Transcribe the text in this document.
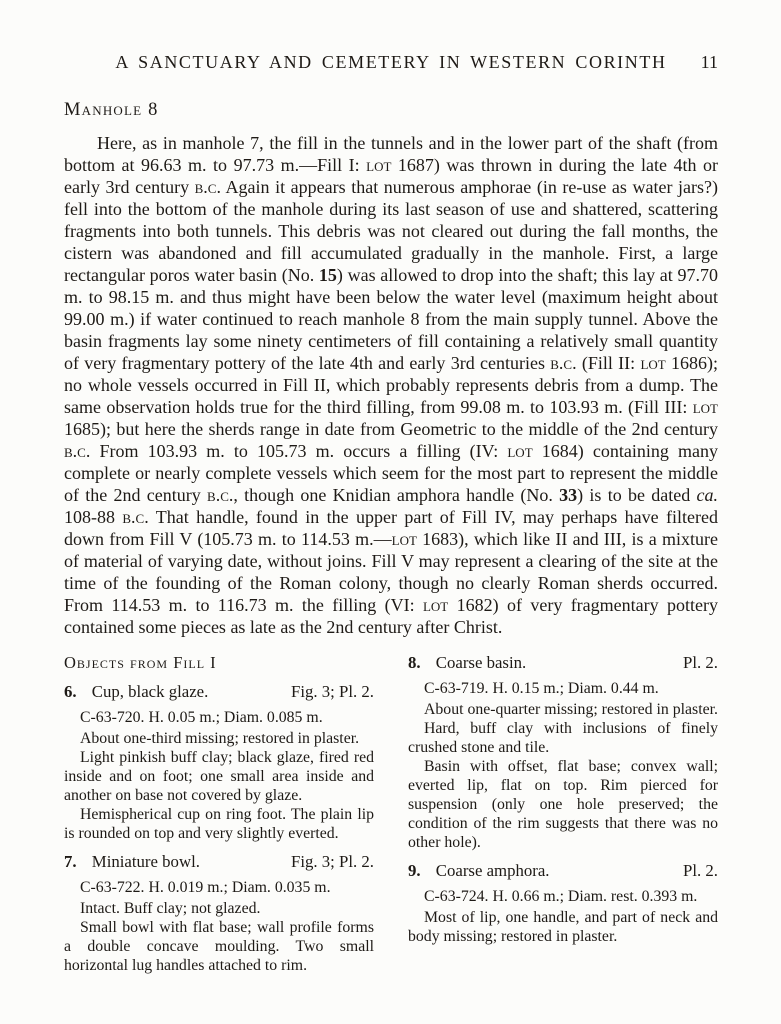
A SANCTUARY AND CEMETERY IN WESTERN CORINTH 11
Manhole 8

Here, as in manhole 7, the fill in the tunnels and in the lower part of the shaft (from bottom at 96.63 m. to 97.73 m.—Fill I: lot 1687) was thrown in during the late 4th or early 3rd century b.c. Again it appears that numerous amphorae (in re-use as water jars?) fell into the bottom of the manhole during its last season of use and shattered, scattering fragments into both tunnels. This debris was not cleared out during the fall months, the cistern was abandoned and fill accumulated gradually in the manhole. First, a large rectangular poros water basin (No. 15) was allowed to drop into the shaft; this lay at 97.70 m. to 98.15 m. and thus might have been below the water level (maximum height about 99.00 m.) if water continued to reach manhole 8 from the main supply tunnel. Above the basin fragments lay some ninety centimeters of fill containing a relatively small quantity of very fragmentary pottery of the late 4th and early 3rd centuries b.c. (Fill II: lot 1686); no whole vessels occurred in Fill II, which probably represents debris from a dump. The same observation holds true for the third filling, from 99.08 m. to 103.93 m. (Fill III: lot 1685); but here the sherds range in date from Geometric to the middle of the 2nd century b.c. From 103.93 m. to 105.73 m. occurs a filling (IV: lot 1684) containing many complete or nearly complete vessels which seem for the most part to represent the middle of the 2nd century b.c., though one Knidian amphora handle (No. 33) is to be dated ca. 108-88 b.c. That handle, found in the upper part of Fill IV, may perhaps have filtered down from Fill V (105.73 m. to 114.53 m.—lot 1683), which like II and III, is a mixture of material of varying date, without joins. Fill V may represent a clearing of the site at the time of the founding of the Roman colony, though no clearly Roman sherds occurred. From 114.53 m. to 116.73 m. the filling (VI: lot 1682) of very fragmentary pottery contained some pieces as late as the 2nd century after Christ.

Objects from Fill I
6. Cup, black glaze.	Fig. 3; Pl. 2.
C-63-720. H. 0.05 m.; Diam. 0.085 m.

About one-third missing; restored in plaster.

Light pinkish buff clay; black glaze, fired red inside and on foot; one small area inside and another on base not covered by glaze.

Hemispherical cup on ring foot. The plain lip is rounded on top and very slightly everted.

7. Miniature bowl.	Fig. 3; Pl. 2.
C-63-722. H. 0.019 m.; Diam. 0.035 m.

Intact. Buff clay; not glazed.

Small bowl with flat base; wall profile forms a double concave moulding. Two small horizontal lug handles attached to rim.

8. Coarse basin.	Pl. 2.
C-63-719. H. 0.15 m.; Diam. 0.44 m.

About one-quarter missing; restored in plaster.

Hard, buff clay with inclusions of finely crushed stone and tile.

Basin with offset, flat base; convex wall; everted lip, flat on top. Rim pierced for suspension (only one hole preserved; the condition of the rim suggests that there was no other hole).

9. Coarse amphora.	Pl. 2.
C-63-724. H. 0.66 m.; Diam. rest. 0.393 m.

Most of lip, one handle, and part of neck and body missing; restored in plaster.
